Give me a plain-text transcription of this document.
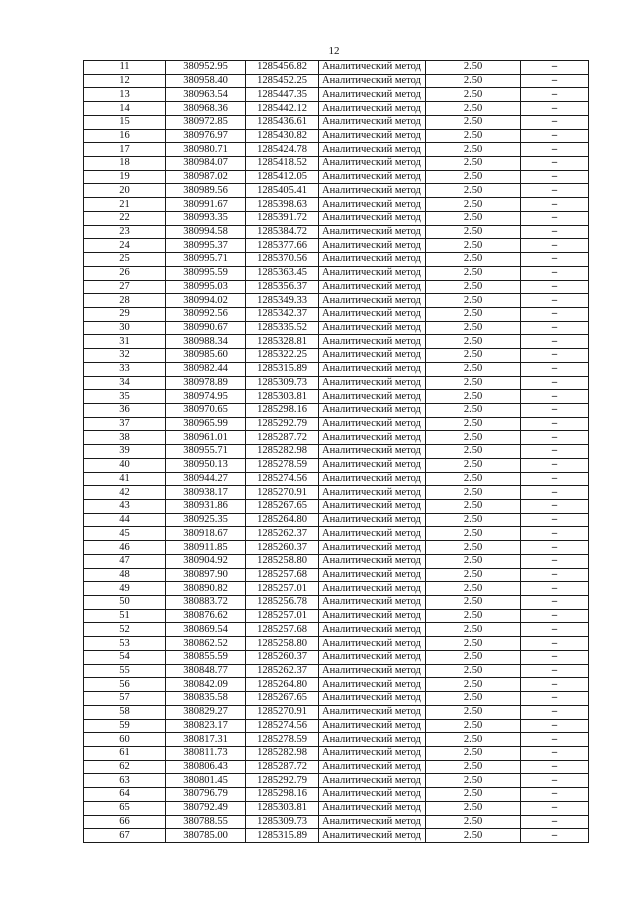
12
11	380952.95	1285456.82	Аналитический метод	2.50	–
12	380958.40	1285452.25	Аналитический метод	2.50	–
13	380963.54	1285447.35	Аналитический метод	2.50	–
14	380968.36	1285442.12	Аналитический метод	2.50	–
15	380972.85	1285436.61	Аналитический метод	2.50	–
16	380976.97	1285430.82	Аналитический метод	2.50	–
17	380980.71	1285424.78	Аналитический метод	2.50	–
18	380984.07	1285418.52	Аналитический метод	2.50	–
19	380987.02	1285412.05	Аналитический метод	2.50	–
20	380989.56	1285405.41	Аналитический метод	2.50	–
21	380991.67	1285398.63	Аналитический метод	2.50	–
22	380993.35	1285391.72	Аналитический метод	2.50	–
23	380994.58	1285384.72	Аналитический метод	2.50	–
24	380995.37	1285377.66	Аналитический метод	2.50	–
25	380995.71	1285370.56	Аналитический метод	2.50	–
26	380995.59	1285363.45	Аналитический метод	2.50	–
27	380995.03	1285356.37	Аналитический метод	2.50	–
28	380994.02	1285349.33	Аналитический метод	2.50	–
29	380992.56	1285342.37	Аналитический метод	2.50	–
30	380990.67	1285335.52	Аналитический метод	2.50	–
31	380988.34	1285328.81	Аналитический метод	2.50	–
32	380985.60	1285322.25	Аналитический метод	2.50	–
33	380982.44	1285315.89	Аналитический метод	2.50	–
34	380978.89	1285309.73	Аналитический метод	2.50	–
35	380974.95	1285303.81	Аналитический метод	2.50	–
36	380970.65	1285298.16	Аналитический метод	2.50	–
37	380965.99	1285292.79	Аналитический метод	2.50	–
38	380961.01	1285287.72	Аналитический метод	2.50	–
39	380955.71	1285282.98	Аналитический метод	2.50	–
40	380950.13	1285278.59	Аналитический метод	2.50	–
41	380944.27	1285274.56	Аналитический метод	2.50	–
42	380938.17	1285270.91	Аналитический метод	2.50	–
43	380931.86	1285267.65	Аналитический метод	2.50	–
44	380925.35	1285264.80	Аналитический метод	2.50	–
45	380918.67	1285262.37	Аналитический метод	2.50	–
46	380911.85	1285260.37	Аналитический метод	2.50	–
47	380904.92	1285258.80	Аналитический метод	2.50	–
48	380897.90	1285257.68	Аналитический метод	2.50	–
49	380890.82	1285257.01	Аналитический метод	2.50	–
50	380883.72	1285256.78	Аналитический метод	2.50	–
51	380876.62	1285257.01	Аналитический метод	2.50	–
52	380869.54	1285257.68	Аналитический метод	2.50	–
53	380862.52	1285258.80	Аналитический метод	2.50	–
54	380855.59	1285260.37	Аналитический метод	2.50	–
55	380848.77	1285262.37	Аналитический метод	2.50	–
56	380842.09	1285264.80	Аналитический метод	2.50	–
57	380835.58	1285267.65	Аналитический метод	2.50	–
58	380829.27	1285270.91	Аналитический метод	2.50	–
59	380823.17	1285274.56	Аналитический метод	2.50	–
60	380817.31	1285278.59	Аналитический метод	2.50	–
61	380811.73	1285282.98	Аналитический метод	2.50	–
62	380806.43	1285287.72	Аналитический метод	2.50	–
63	380801.45	1285292.79	Аналитический метод	2.50	–
64	380796.79	1285298.16	Аналитический метод	2.50	–
65	380792.49	1285303.81	Аналитический метод	2.50	–
66	380788.55	1285309.73	Аналитический метод	2.50	–
67	380785.00	1285315.89	Аналитический метод	2.50	–
